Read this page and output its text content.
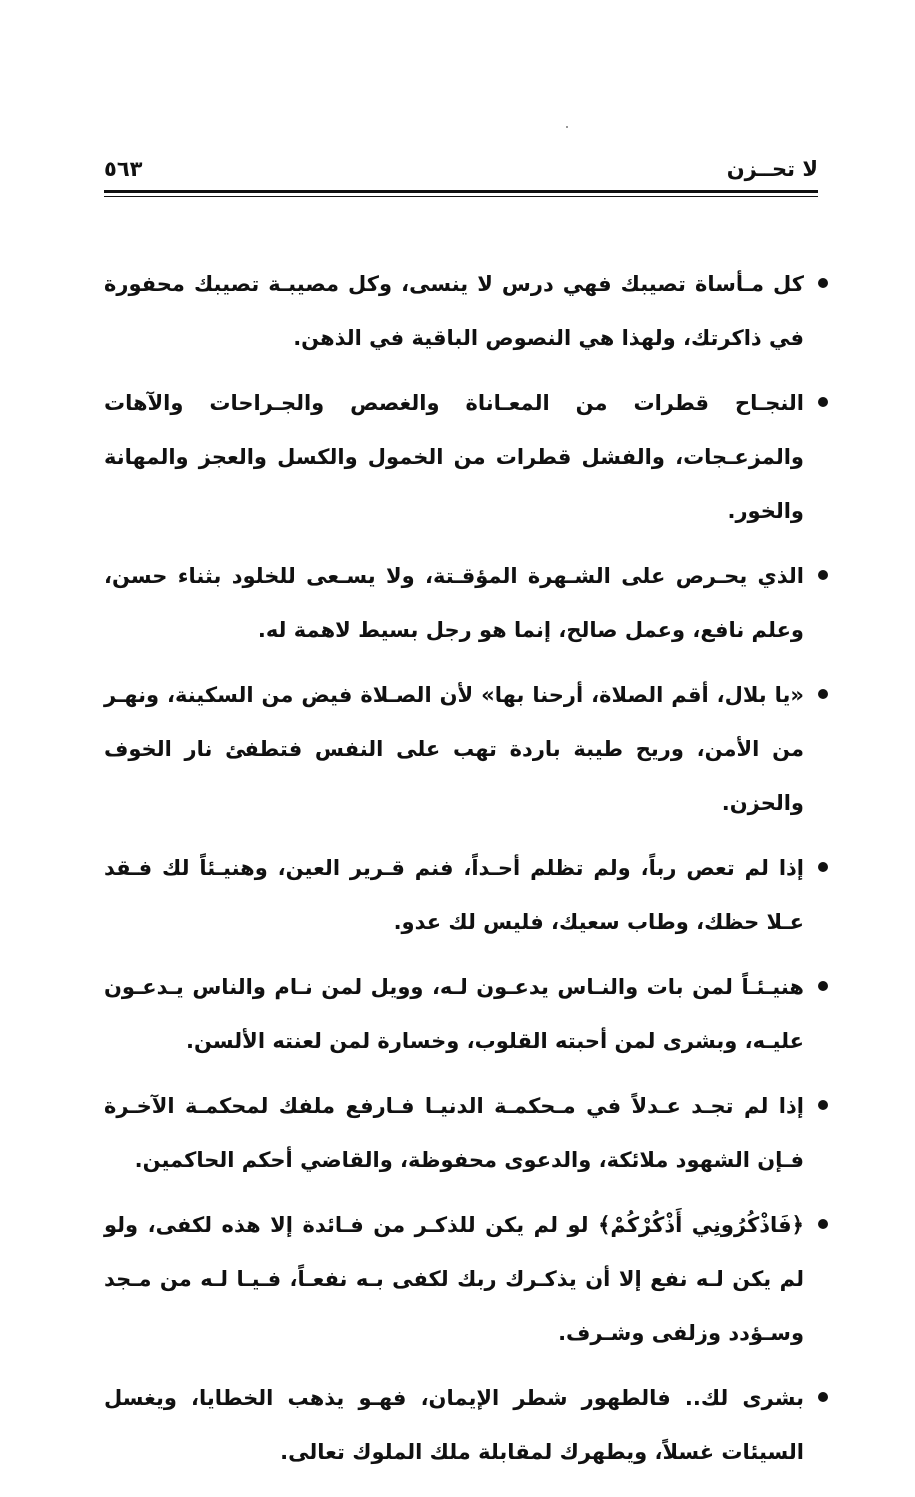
لا تحــزن
٥٦٣
كل مـأساة تصيبك فهي درس لا ينسى، وكل مصيبـة تصيبك محفورة في ذاكرتك، ولهذا هي النصوص الباقية في الذهن.
النجـاح قطرات من المعـاناة والغصص والجـراحات والآهات والمزعـجات، والفشل قطرات من الخمول والكسل والعجز والمهانة والخور.
الذي يحـرص على الشـهرة المؤقـتة، ولا يسـعى للخلود بثناء حسن، وعلم نافع، وعمل صالح، إنما هو رجل بسيط لاهمة له.
«يا بلال، أقم الصلاة، أرحنا بها» لأن الصـلاة فيض من السكينة، ونهـر من الأمن، وريح طيبة باردة تهب على النفس فتطفئ نار الخوف والحزن.
إذا لم تعص رباً، ولم تظلم أحـداً، فنم قـرير العين، وهنيـئاً لك فـقد عـلا حظك، وطاب سعيك، فليس لك عدو.
هنيـئـاً لمن بات والنـاس يدعـون لـه، وويل لمن نـام والناس يـدعـون عليـه، وبشرى لمن أحبته القلوب، وخسارة لمن لعنته الألسن.
إذا لم تجـد عـدلاً في مـحكمـة الدنيـا فـارفع ملفك لمحكمـة الآخـرة فـإن الشهود ملائكة، والدعوى محفوظة، والقاضي أحكم الحاكمين.
﴿فَاذْكُرُونِي أَذْكُرْكُمْ﴾ لو لم يكن للذكـر من فـائدة إلا هذه لكفى، ولو لم يكن لـه نفع إلا أن يذكـرك ربك لكفى بـه نفعـاً، فـيـا لـه من مـجد وسـؤدد وزلفى وشـرف.
بشرى لك.. فالطهور شطر الإيمان، فهـو يذهب الخطايا، ويغسل السيئات غسلاً، ويطهرك لمقابلة ملك الملوك تعالى.
